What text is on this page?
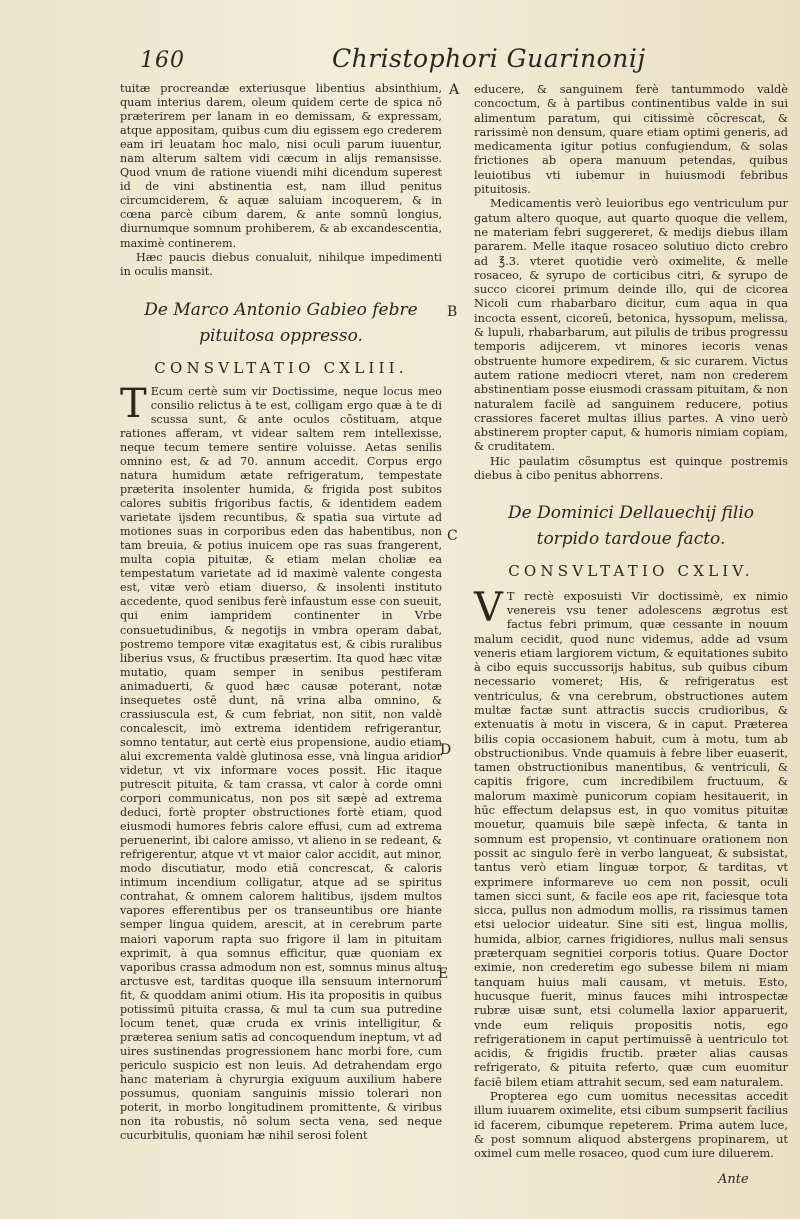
160	Christophori Guarinonij
A
B
C
D
E

tuitæ procreandæ exteriusque libentius absinthium, quam interius darem, oleum quidem certe de spica nõ præterirem per lanam in eo demissam, & expressam, atque appositam, quibus cum diu egissem ego crederem eam iri leuatam hoc malo, nisi oculi parum iuuentur, nam alterum saltem vidi cæcum in alijs remansisse. Quod vnum de ratione viuendi mihi dicendum superest id de vini abstinentia est, nam illud penitus circumciderem, & aquæ saluiam incoquerem, & in cœna parcè cibum darem, & ante somnū longius, diurnumque somnum prohiberem, & ab excandescentia, maximè continerem.

Hæc paucis diebus conualuit, nihilque impedimenti in oculis mansit.

De Marco Antonio Gabieo febre pituitosa oppresso.
CONSVLTATIO CXLIII.

T Ecum certè sum vir Doctissime, neque locus meo consilio relictus à te est, colligam ergo quæ à te di scussa sunt, & ante oculos cõstituam, atque rationes afferam, vt videar saltem rem intellexisse, neque tecum temere sentire voluisse. Aetas senilis omnino est, & ad 70. annum accedit. Corpus ergo natura humidum ætate refrigeratum, tempestate præterita insolenter humida, & frigida post subitos calores subitis frigoribus factis, & identidem eadem varietate ijsdem recuntibus, & spatia sua virtute ad motiones suas in corporibus eden das habentibus, non tam breuia, & potius inuicem ope ras suas frangerent, multa copia pituitæ, & etiam melan choliæ ea tempestatum varietate ad id maximè valente congesta est, vitæ verò etiam diuerso, & insolenti instituto accedente, quod senibus ferè infaustum esse con sueuit, qui enim iampridem continenter in Vrbe consuetudinibus, & negotijs in vmbra operam dabat, postremo tempore vitæ exagitatus est, & cibis ruralibus liberius vsus, & fructibus præsertim. Ita quod hæc vitæ mutatio, quam semper in senibus pestiferam animaduerti, & quod hæc causæ poterant, notæ insequetes ostē dunt, nā vrina alba omnino, & crassiuscula est, & cum febriat, non sitit, non valdè concalescit, imò extrema identidem refrigerantur, somno tentatur, aut certè eius propensione, audio etiam alui excrementa valdè glutinosa esse, vnà lingua aridior videtur, vt vix informare voces possit. Hic itaque putrescit pituita, & tam crassa, vt calor à corde omni corpori communicatus, non pos sit sæpè ad extrema deduci, fortè propter obstructiones fortè etiam, quod eiusmodi humores febris calore effusi, cum ad extrema peruenerint, ibi calore amisso, vt alieno in se redeant, & refrigerentur, atque vt vt maior calor accidit, aut minor, modo discutiatur, modo etiā concrescat, & caloris intimum incendium colligatur, atque ad se spiritus contrahat, & omnem calorem halitibus, ijsdem multos vapores efferentibus per os transeuntibus ore hiante semper lingua quidem, arescit, at in cerebrum parte maiori vaporum rapta suo frigore il lam in pituitam exprimit, à qua somnus efficitur, quæ quoniam ex vaporibus crassa admodum non est, somnus minus altus arctusve est, tarditas quoque illa sensuum internorum fit, & quoddam animi otium. His ita propositis in quibus potissimū pituita crassa, & mul ta cum sua putredine locum tenet, quæ cruda ex vrinis intelligitur, & præterea senium satis ad concoquendum ineptum, vt ad uires sustinendas progressionem hanc morbi fore, cum periculo suspicio est non leuis. Ad detrahendam ergo hanc materiam à chyrurgia exiguum auxilium habere possumus, quoniam sanguinis missio tolerari non poterit, in morbo longitudinem promittente, & viribus non ita robustis, nō solum secta vena, sed neque cucurbitulis, quoniam hæ nihil serosi folent

educere, & sanguinem ferè tantummodo valdè concoctum, & à partibus continentibus valde in sui alimentum paratum, qui citissimè cõcrescat, & rarissimè non densum, quare etiam optimi generis, ad medicamenta igitur potius confugiendum, & solas frictiones ab opera manuum petendas, quibus leuiotibus vti iubemur in huiusmodi febribus pituitosis.

Medicamentis verò leuioribus ego ventriculum pur gatum altero quoque, aut quarto quoque die vellem, ne materiam febri suggereret, & medijs diebus illam pararem. Melle itaque rosaceo solutiuo dicto crebro ad ℥.3. vteret quotidie verò oximelite, & melle rosaceo, & syrupo de corticibus citri, & syrupo de succo cicorei primum deinde illo, qui de cicorea Nicoli cum rhabarbaro dicitur, cum aqua in qua incocta essent, cicoreū, betonica, hyssopum, melissa, & lupuli, rhabarbarum, aut pilulis de tribus progressu temporis adijcerem, vt minores iecoris venas obstruente humore expedirem, & sic curarem. Victus autem ratione mediocri vteret, nam non crederem abstinentiam posse eiusmodi crassam pituitam, & non naturalem facilè ad sanguinem reducere, potius crassiores faceret multas illius partes. A vino uerò abstinerem propter caput, & humoris nimiam copiam, & cruditatem.

Hic paulatim cõsumptus est quinque postremis diebus à cibo penitus abhorrens.

De Dominici Dellauechij filio torpido tardoue facto.
CONSVLTATIO CXLIV.

V T rectè exposuisti Vir doctissimè, ex nimio venereis vsu tener adolescens ægrotus est factus febri primum, quæ cessante in nouum malum cecidit, quod nunc videmus, adde ad vsum veneris etiam largiorem victum, & equitationes subito à cibo equis succussorijs habitus, sub quibus cibum necessario vomeret; His, & refrigeratus est ventriculus, & vna cerebrum, obstructiones autem multæ factæ sunt attractis succis crudioribus, & extenuatis à motu in viscera, & in caput. Præterea bilis copia occasionem habuit, cum à motu, tum ab obstructionibus. Vnde quamuis à febre liber euaserit, tamen obstructionibus manentibus, & ventriculi, & capitis frigore, cum incredibilem fructuum, & malorum maximè punicorum copiam hesitauerit, in hūc effectum delapsus est, in quo vomitus pituitæ mouetur, quamuis bile sæpè infecta, & tanta in somnum est propensio, vt continuare orationem non possit ac singulo ferè in verbo langueat, & subsistat, tantus verò etiam linguæ torpor, & tarditas, vt exprimere informareve uo cem non possit, oculi tamen sicci sunt, & facile eos ape rit, faciesque tota sicca, pullus non admodum mollis, ra rissimus tamen etsi uelocior uideatur. Sine siti est, lingua mollis, humida, albior, carnes frigidiores, nullus mali sensus præterquam segnitiei corporis totius. Quare Doctor eximie, non crederetim ego subesse bilem ni miam tanquam huius mali causam, vt metuis. Esto, hucusque fuerit, minus fauces mihi introspectæ rubræ uisæ sunt, etsi columella laxior apparuerit, vnde eum reliquis propositis notis, ego refrigerationem in caput pertimuissē à uentriculo tot acidis, & frigidis fructib. præter alias causas refrigerato, & pituita referto, quæ cum euomitur faciē bilem etiam attrahit secum, sed eam naturalem.

Propterea ego cum uomitus necessitas accedit illum iuuarem oximelite, etsi cibum sumpserit facilius id facerem, cibumque repeterem. Prima autem luce, & post somnum aliquod abstergens propinarem, ut oximel cum melle rosaceo, quod cum iure diluerem.

Ante
